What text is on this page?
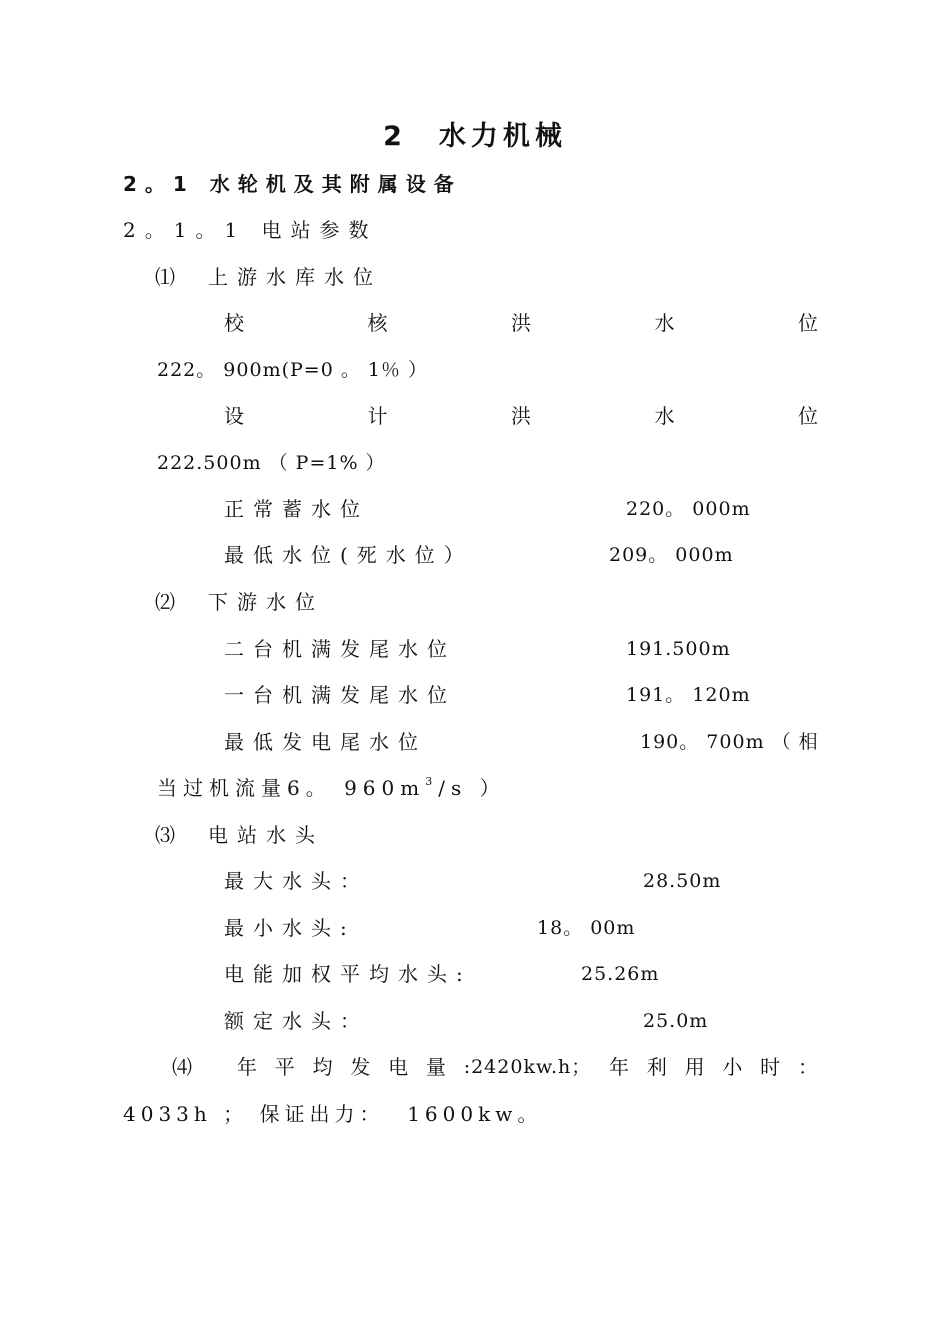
2　水力机械
2。1 水轮机及其附属设备
2。1。1 电站参数
⑴ 上游水库水位
校	核	洪	水	位
222。 900m(P=0 。 1％ ）
设	计	洪	水	位
222.500m （ P=1% ）
正常蓄水位	220。 000m
最低水位(死水位）	209。 000m
⑵ 下游水位
二台机满发尾水位	191.500m
一台机满发尾水位	191。 120m
最低发电尾水位	190。 700m （ 相
当过机流量6。 $960m^3/s$ ）
⑶ 电站水头
最大水头：	28.50m
最小水头:	18。 00m
电能加权平均水头:	25.26m
额定水头：	25.0m
⑷ 年 平 均 发 电 量 :2420kw.h； 年 利 用 小 时 ：
4033h ； 保证出力：  1600kw。
